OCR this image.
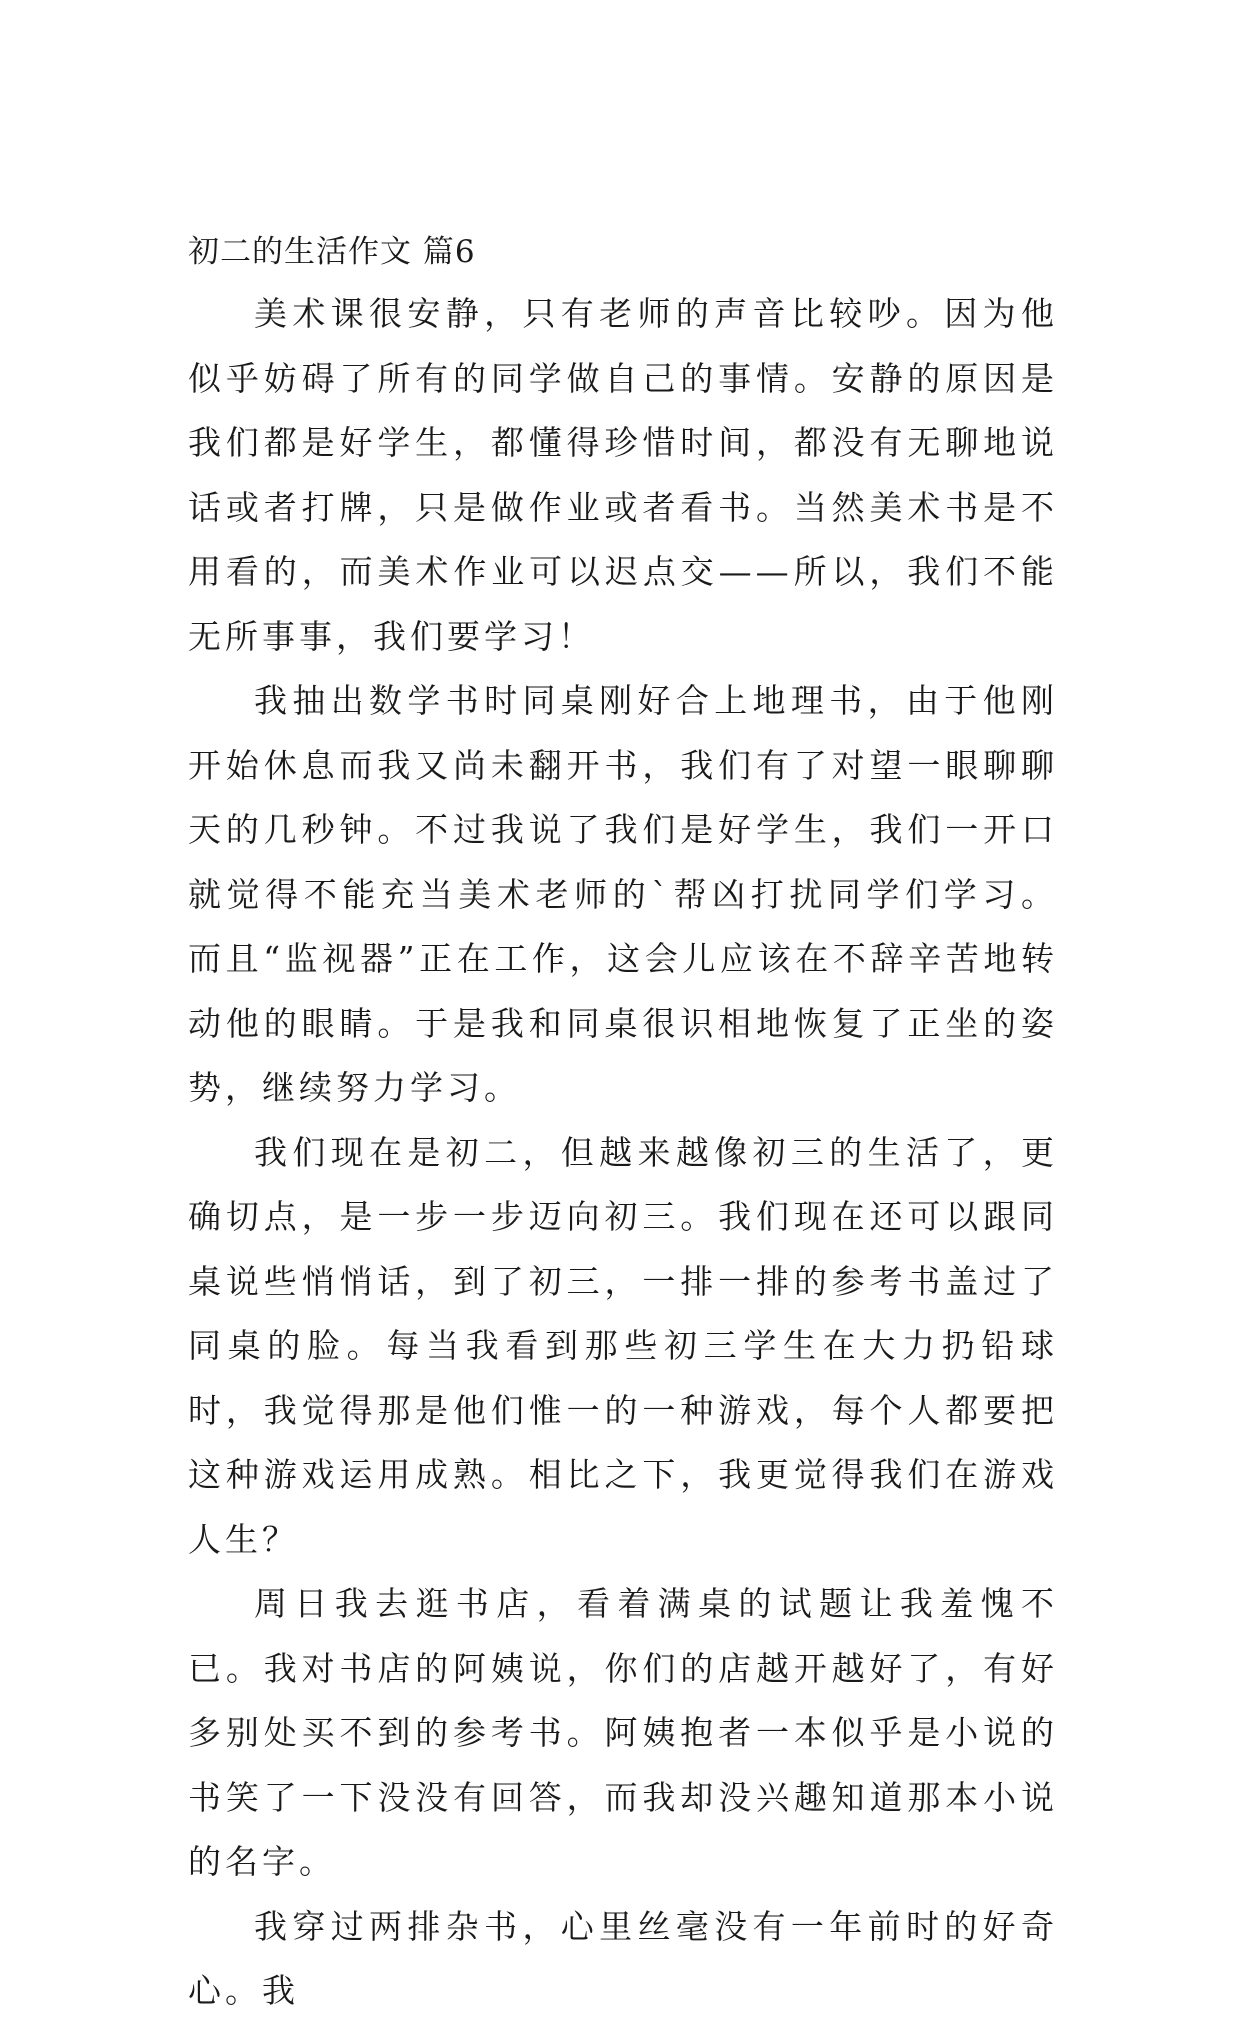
初二的生活作文 篇6

美术课很安静，只有老师的声音比较吵。因为他似乎妨碍了所有的同学做自己的事情。安静的原因是我们都是好学生，都懂得珍惜时间，都没有无聊地说话或者打牌，只是做作业或者看书。当然美术书是不用看的，而美术作业可以迟点交——所以，我们不能无所事事，我们要学习！

我抽出数学书时同桌刚好合上地理书，由于他刚开始休息而我又尚未翻开书，我们有了对望一眼聊聊天的几秒钟。不过我说了我们是好学生，我们一开口就觉得不能充当美术老师的`帮凶打扰同学们学习。而且“监视器”正在工作，这会儿应该在不辞辛苦地转动他的眼睛。于是我和同桌很识相地恢复了正坐的姿势，继续努力学习。

我们现在是初二，但越来越像初三的生活了，更确切点，是一步一步迈向初三。我们现在还可以跟同桌说些悄悄话，到了初三，一排一排的参考书盖过了同桌的脸。每当我看到那些初三学生在大力扔铅球时，我觉得那是他们惟一的一种游戏，每个人都要把这种游戏运用成熟。相比之下，我更觉得我们在游戏人生？

周日我去逛书店，看着满桌的试题让我羞愧不已。我对书店的阿姨说，你们的店越开越好了，有好多别处买不到的参考书。阿姨抱者一本似乎是小说的书笑了一下没没有回答，而我却没兴趣知道那本小说的名字。

我穿过两排杂书，心里丝毫没有一年前时的好奇心。我
